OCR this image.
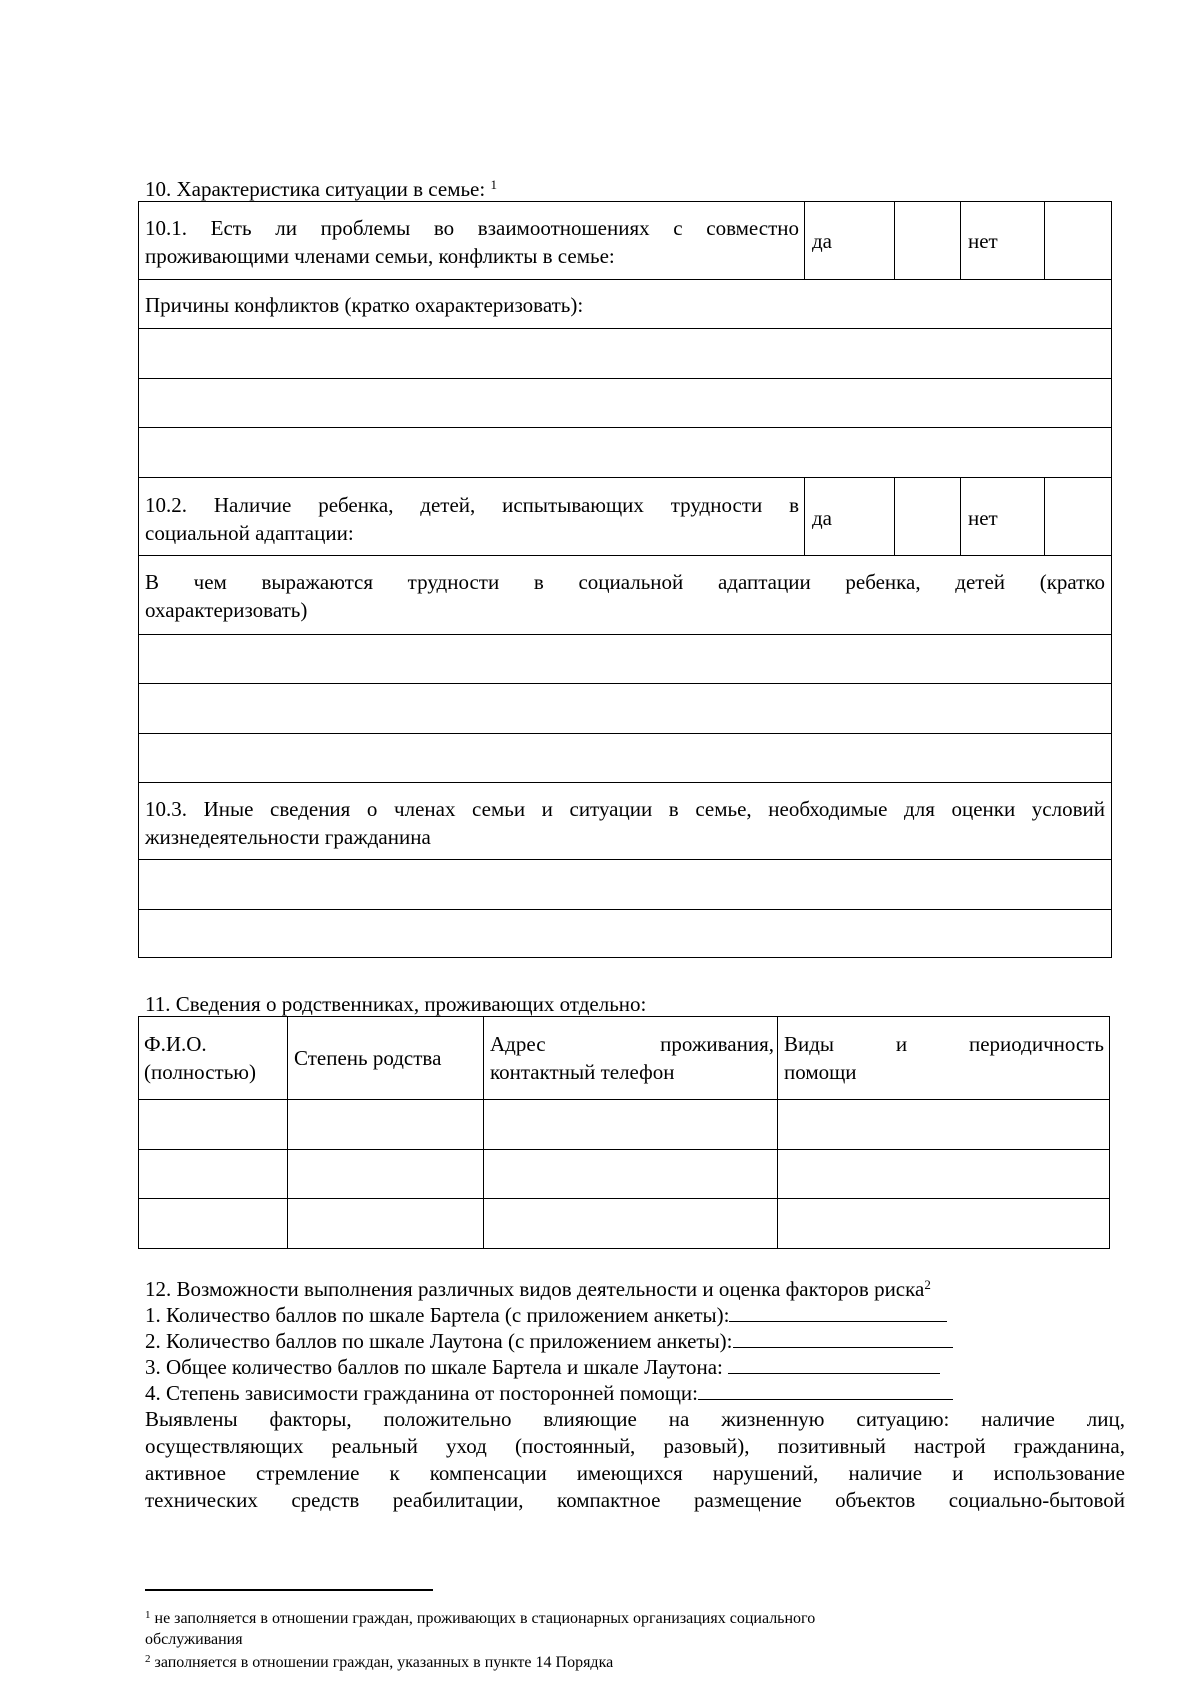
10. Характеристика ситуации в семье: $^1$
10.1. Есть ли проблемы во взаимоотношениях с совместно
проживающими членами семьи, конфликты в семье:
да	нет
Причины конфликтов (кратко охарактеризовать):
10.2. Наличие ребенка, детей, испытывающих трудности в
социальной адаптации:
да	нет
В чем выражаются трудности в социальной адаптации ребенка, детей (кратко
охарактеризовать)
10.3. Иные сведения о членах семьи и ситуации в семье, необходимые для оценки условий
жизнедеятельности гражданина
11. Сведения о родственниках, проживающих отдельно:
Ф.И.О.
(полностью)
Степень родства
Адрес проживания,
контактный телефон
Виды и периодичность
помощи
12. Возможности выполнения различных видов деятельности и оценка факторов риска$^2$
1. Количество баллов по шкале Бартела (с приложением анкеты):
2. Количество баллов по шкале Лаутона (с приложением анкеты):
3. Общее количество баллов по шкале Бартела и шкале Лаутона:
4. Степень зависимости гражданина от посторонней помощи:
Выявлены факторы, положительно влияющие на жизненную ситуацию: наличие лиц,
осуществляющих реальный уход (постоянный, разовый), позитивный настрой гражданина,
активное стремление к компенсации имеющихся нарушений, наличие и использование
технических средств реабилитации, компактное размещение объектов социально-бытовой
$^1$ не заполняется в отношении граждан, проживающих в стационарных организациях социального
обслуживания
$^2$ заполняется в отношении граждан, указанных в пункте 14 Порядка
